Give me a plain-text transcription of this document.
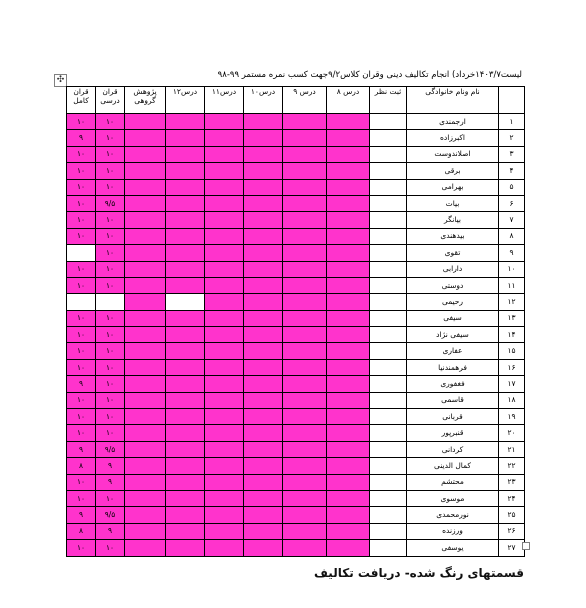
✣	لیست۱۴۰۳/۷خرداد) انجام تکالیف دینی وقرآن کلاس۹/۲جهت کسب نمره مستمر ۹۹-۹۸
قران کامل	قران درسی	پژوهش گروهی	درس۱۲	درس۱۱	درس۱۰	درس ۹	درس ۸	ثبت نظر	نام ونام خانوادگی	
۱۰	۱۰								ارجمندی	۱
۹	۱۰								اکبرزاده	۲
۱۰	۱۰								اصلاندوست	۳
۱۰	۱۰								برقی	۴
۱۰	۱۰								بهرامی	۵
۱۰	۹/۵								بیات	۶
۱۰	۱۰								بیانگر	۷
۱۰	۱۰								بیدهندی	۸
	۱۰								تقوی	۹
۱۰	۱۰								دارابی	۱۰
۱۰	۱۰								دوستی	۱۱
									رحیمی	۱۲
۱۰	۱۰								سیفی	۱۳
۱۰	۱۰								سیفی نژاد	۱۴
۱۰	۱۰								عفاری	۱۵
۱۰	۱۰								فرهمندنیا	۱۶
۹	۱۰								فغفوری	۱۷
۱۰	۱۰								قاسمی	۱۸
۱۰	۱۰								قربانی	۱۹
۱۰	۱۰								قنبرپور	۲۰
۹	۹/۵								کردانی	۲۱
۸	۹								کمال الدینی	۲۲
۱۰	۹								محتشم	۲۳
۱۰	۱۰								موسوی	۲۴
۹	۹/۵								نورمحمدی	۲۵
۸	۹								ورزنده	۲۶
۱۰	۱۰								یوسفی	۲۷
قسمتهای رنگ شده- دریافت تکالیف
